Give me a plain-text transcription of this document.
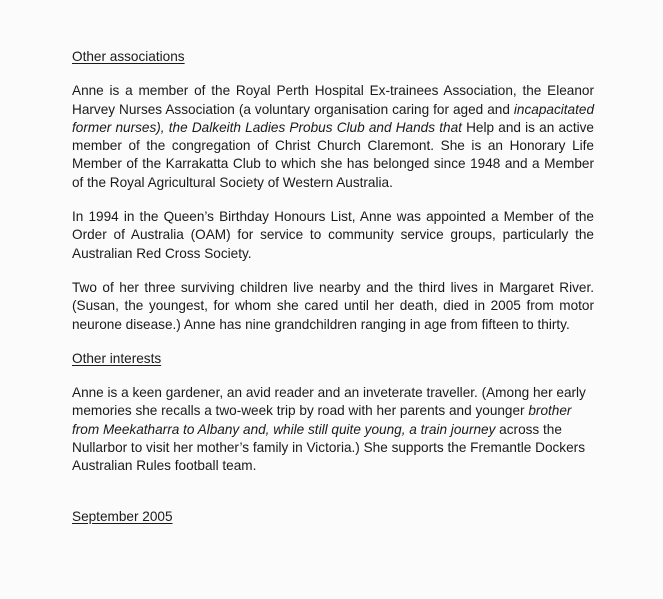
Other associations

Anne is a member of the Royal Perth Hospital Ex-trainees Association, the Eleanor Harvey Nurses Association (a voluntary organisation caring for aged and incapacitated former nurses), the Dalkeith Ladies Probus Club and Hands that Help and is an active member of the congregation of Christ Church Claremont. She is an Honorary Life Member of the Karrakatta Club to which she has belonged since 1948 and a Member of the Royal Agricultural Society of Western Australia.

In 1994 in the Queen’s Birthday Honours List, Anne was appointed a Member of the Order of Australia (OAM) for service to community service groups, particularly the Australian Red Cross Society.

Two of her three surviving children live nearby and the third lives in Margaret River. (Susan, the youngest, for whom she cared until her death, died in 2005 from motor neurone disease.) Anne has nine grandchildren ranging in age from fifteen to thirty.

Other interests

Anne is a keen gardener, an avid reader and an inveterate traveller. (Among her early memories she recalls a two-week trip by road with her parents and younger brother from Meekatharra to Albany and, while still quite young, a train journey across the Nullarbor to visit her mother’s family in Victoria.) She supports the Fremantle Dockers Australian Rules football team.

September 2005
